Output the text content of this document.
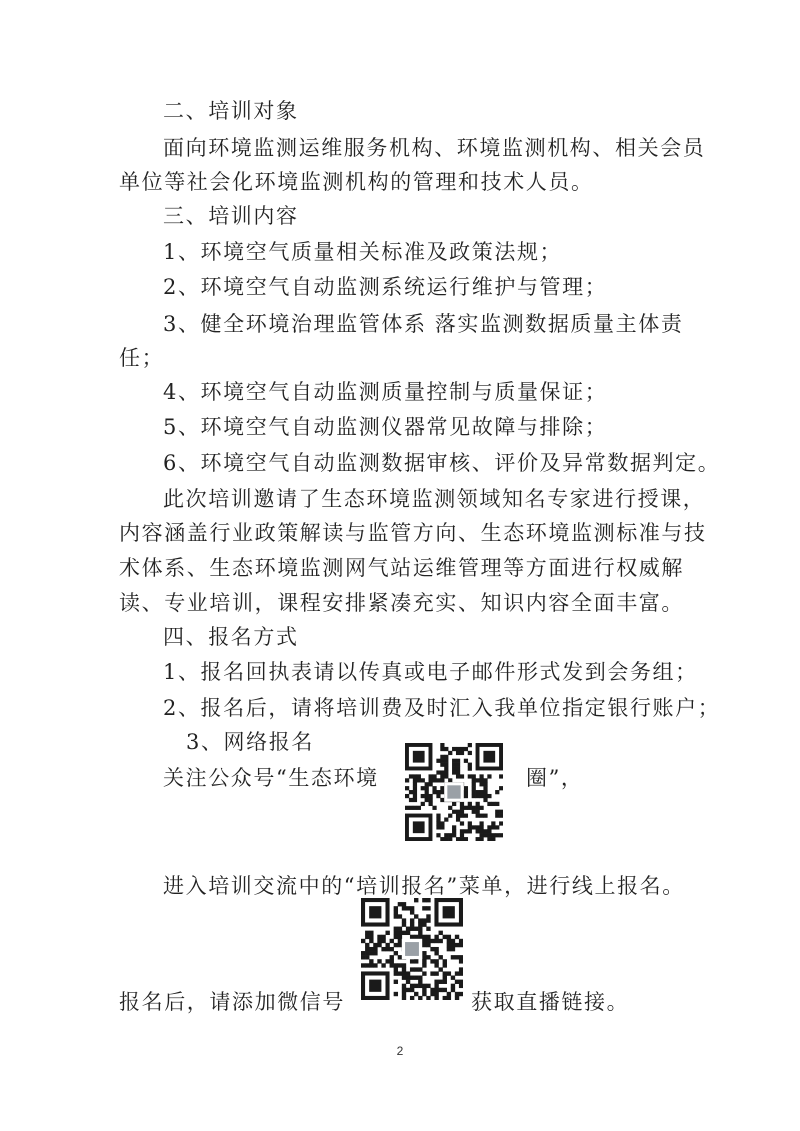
二、培训对象
面向环境监测运维服务机构、环境监测机构、相关会员
单位等社会化环境监测机构的管理和技术人员。
三、培训内容
1、环境空气质量相关标准及政策法规；
2、环境空气自动监测系统运行维护与管理；
3、健全环境治理监管体系 落实监测数据质量主体责
任；
4、环境空气自动监测质量控制与质量保证；
5、环境空气自动监测仪器常见故障与排除；
6、环境空气自动监测数据审核、评价及异常数据判定。
此次培训邀请了生态环境监测领域知名专家进行授课，
内容涵盖行业政策解读与监管方向、生态环境监测标准与技
术体系、生态环境监测网气站运维管理等方面进行权威解
读、专业培训，课程安排紧凑充实、知识内容全面丰富。
四、报名方式
1、报名回执表请以传真或电子邮件形式发到会务组；
2、报名后，请将培训费及时汇入我单位指定银行账户；
3、网络报名
关注公众号“生态环境	圈”，
进入培训交流中的“培训报名”菜单，进行线上报名。
报名后，请添加微信号	获取直播链接。
2
